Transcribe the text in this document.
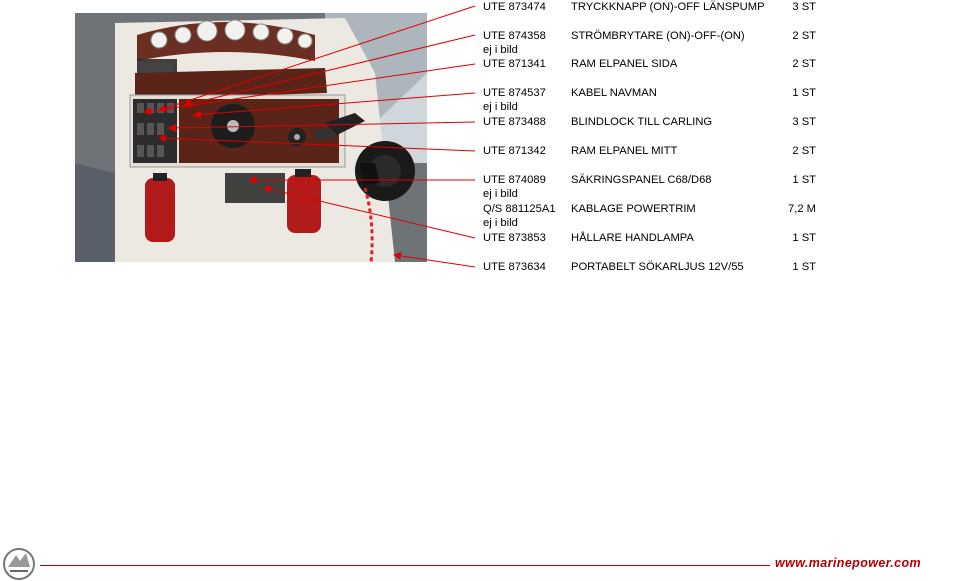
UTE 873474 TRYCKKNAPP (ON)-OFF LÄNSPUMP 3 ST
UTE 874358 STRÖMBRYTARE (ON)-OFF-(ON)	2 ST
ej i bild
UTE 871341 RAM ELPANEL SIDA	2 ST
UTE 874537 KABEL NAVMAN	1 ST
ej i bild
UTE 873488 BLINDLOCK TILL CARLING	3 ST
UTE 871342 RAM ELPANEL MITT	2 ST
UTE 874089 SÄKRINGSPANEL C68/D68	1 ST
ej i bild
Q/S 881125A1 KABLAGE POWERTRIM	7,2 M
ej i bild
UTE 873853 HÅLLARE HANDLAMPA	1 ST
UTE 873634 PORTABELT SÖKARLJUS 12V/55	1 ST
www.marinepower.com
